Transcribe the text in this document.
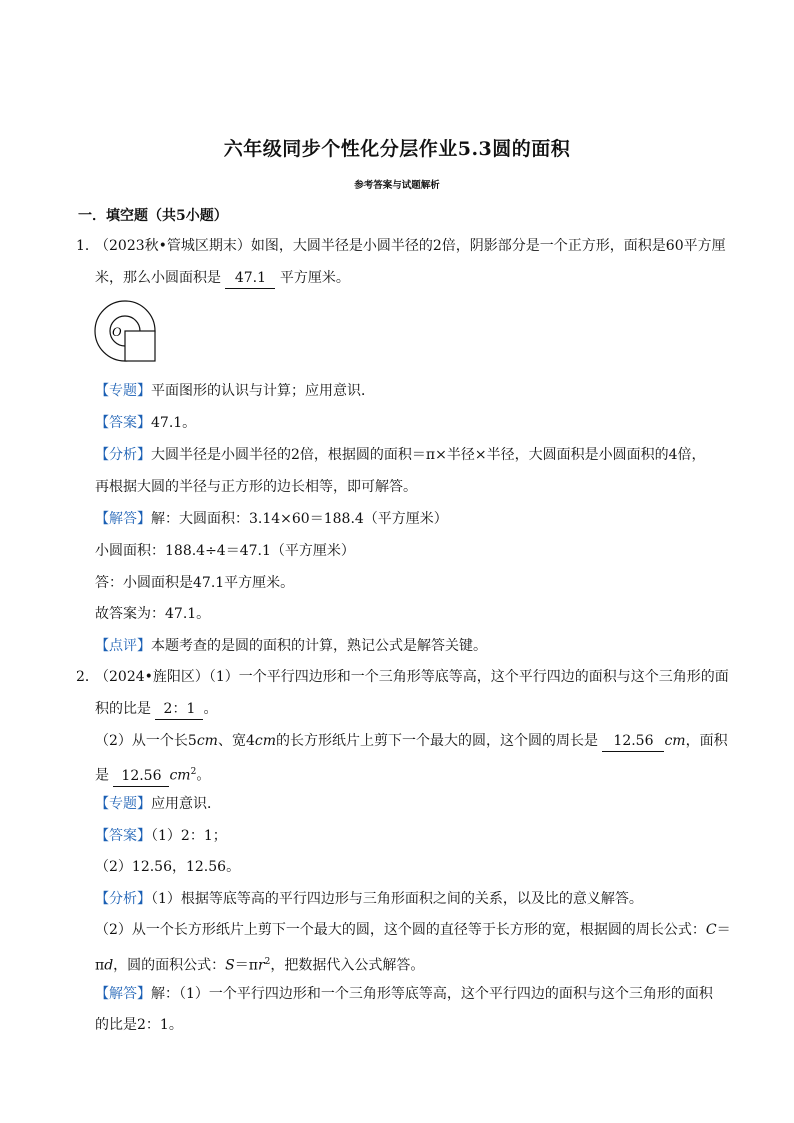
六年级同步个性化分层作业5.3圆的面积
参考答案与试题解析
一．填空题（共5小题）
1．
（2023秋•管城区期末）如图，大圆半径是小圆半径的2倍，阴影部分是一个正方形，面积是60平方厘
米，那么小圆面积是 47.1 平方厘米。
O
【专题】平面图形的认识与计算；应用意识．
【答案】47.1。
【分析】大圆半径是小圆半径的2倍，根据圆的面积＝π×半径×半径，大圆面积是小圆面积的4倍，
再根据大圆的半径与正方形的边长相等，即可解答。
【解答】解：大圆面积：3.14×60＝188.4（平方厘米）
小圆面积：188.4÷4＝47.1（平方厘米）
答：小圆面积是47.1平方厘米。
故答案为：47.1。
【点评】本题考查的是圆的面积的计算，熟记公式是解答关键。
2．
（2024•旌阳区）（1）一个平行四边形和一个三角形等底等高，这个平行四边的面积与这个三角形的面
积的比是 2：1 。
（2）从一个长5cm、宽4cm的长方形纸片上剪下一个最大的圆，这个圆的周长是 12.56 cm，面积
是 12.56 $cm^2$。
【专题】应用意识．
【答案】（1）2：1；
（2）12.56，12.56。
【分析】（1）根据等底等高的平行四边形与三角形面积之间的关系，以及比的意义解答。
（2）从一个长方形纸片上剪下一个最大的圆，这个圆的直径等于长方形的宽，根据圆的周长公式：C＝
πd，圆的面积公式：$S=\pi r^2$，把数据代入公式解答。
【解答】解：（1）一个平行四边形和一个三角形等底等高，这个平行四边的面积与这个三角形的面积
的比是2：1。
